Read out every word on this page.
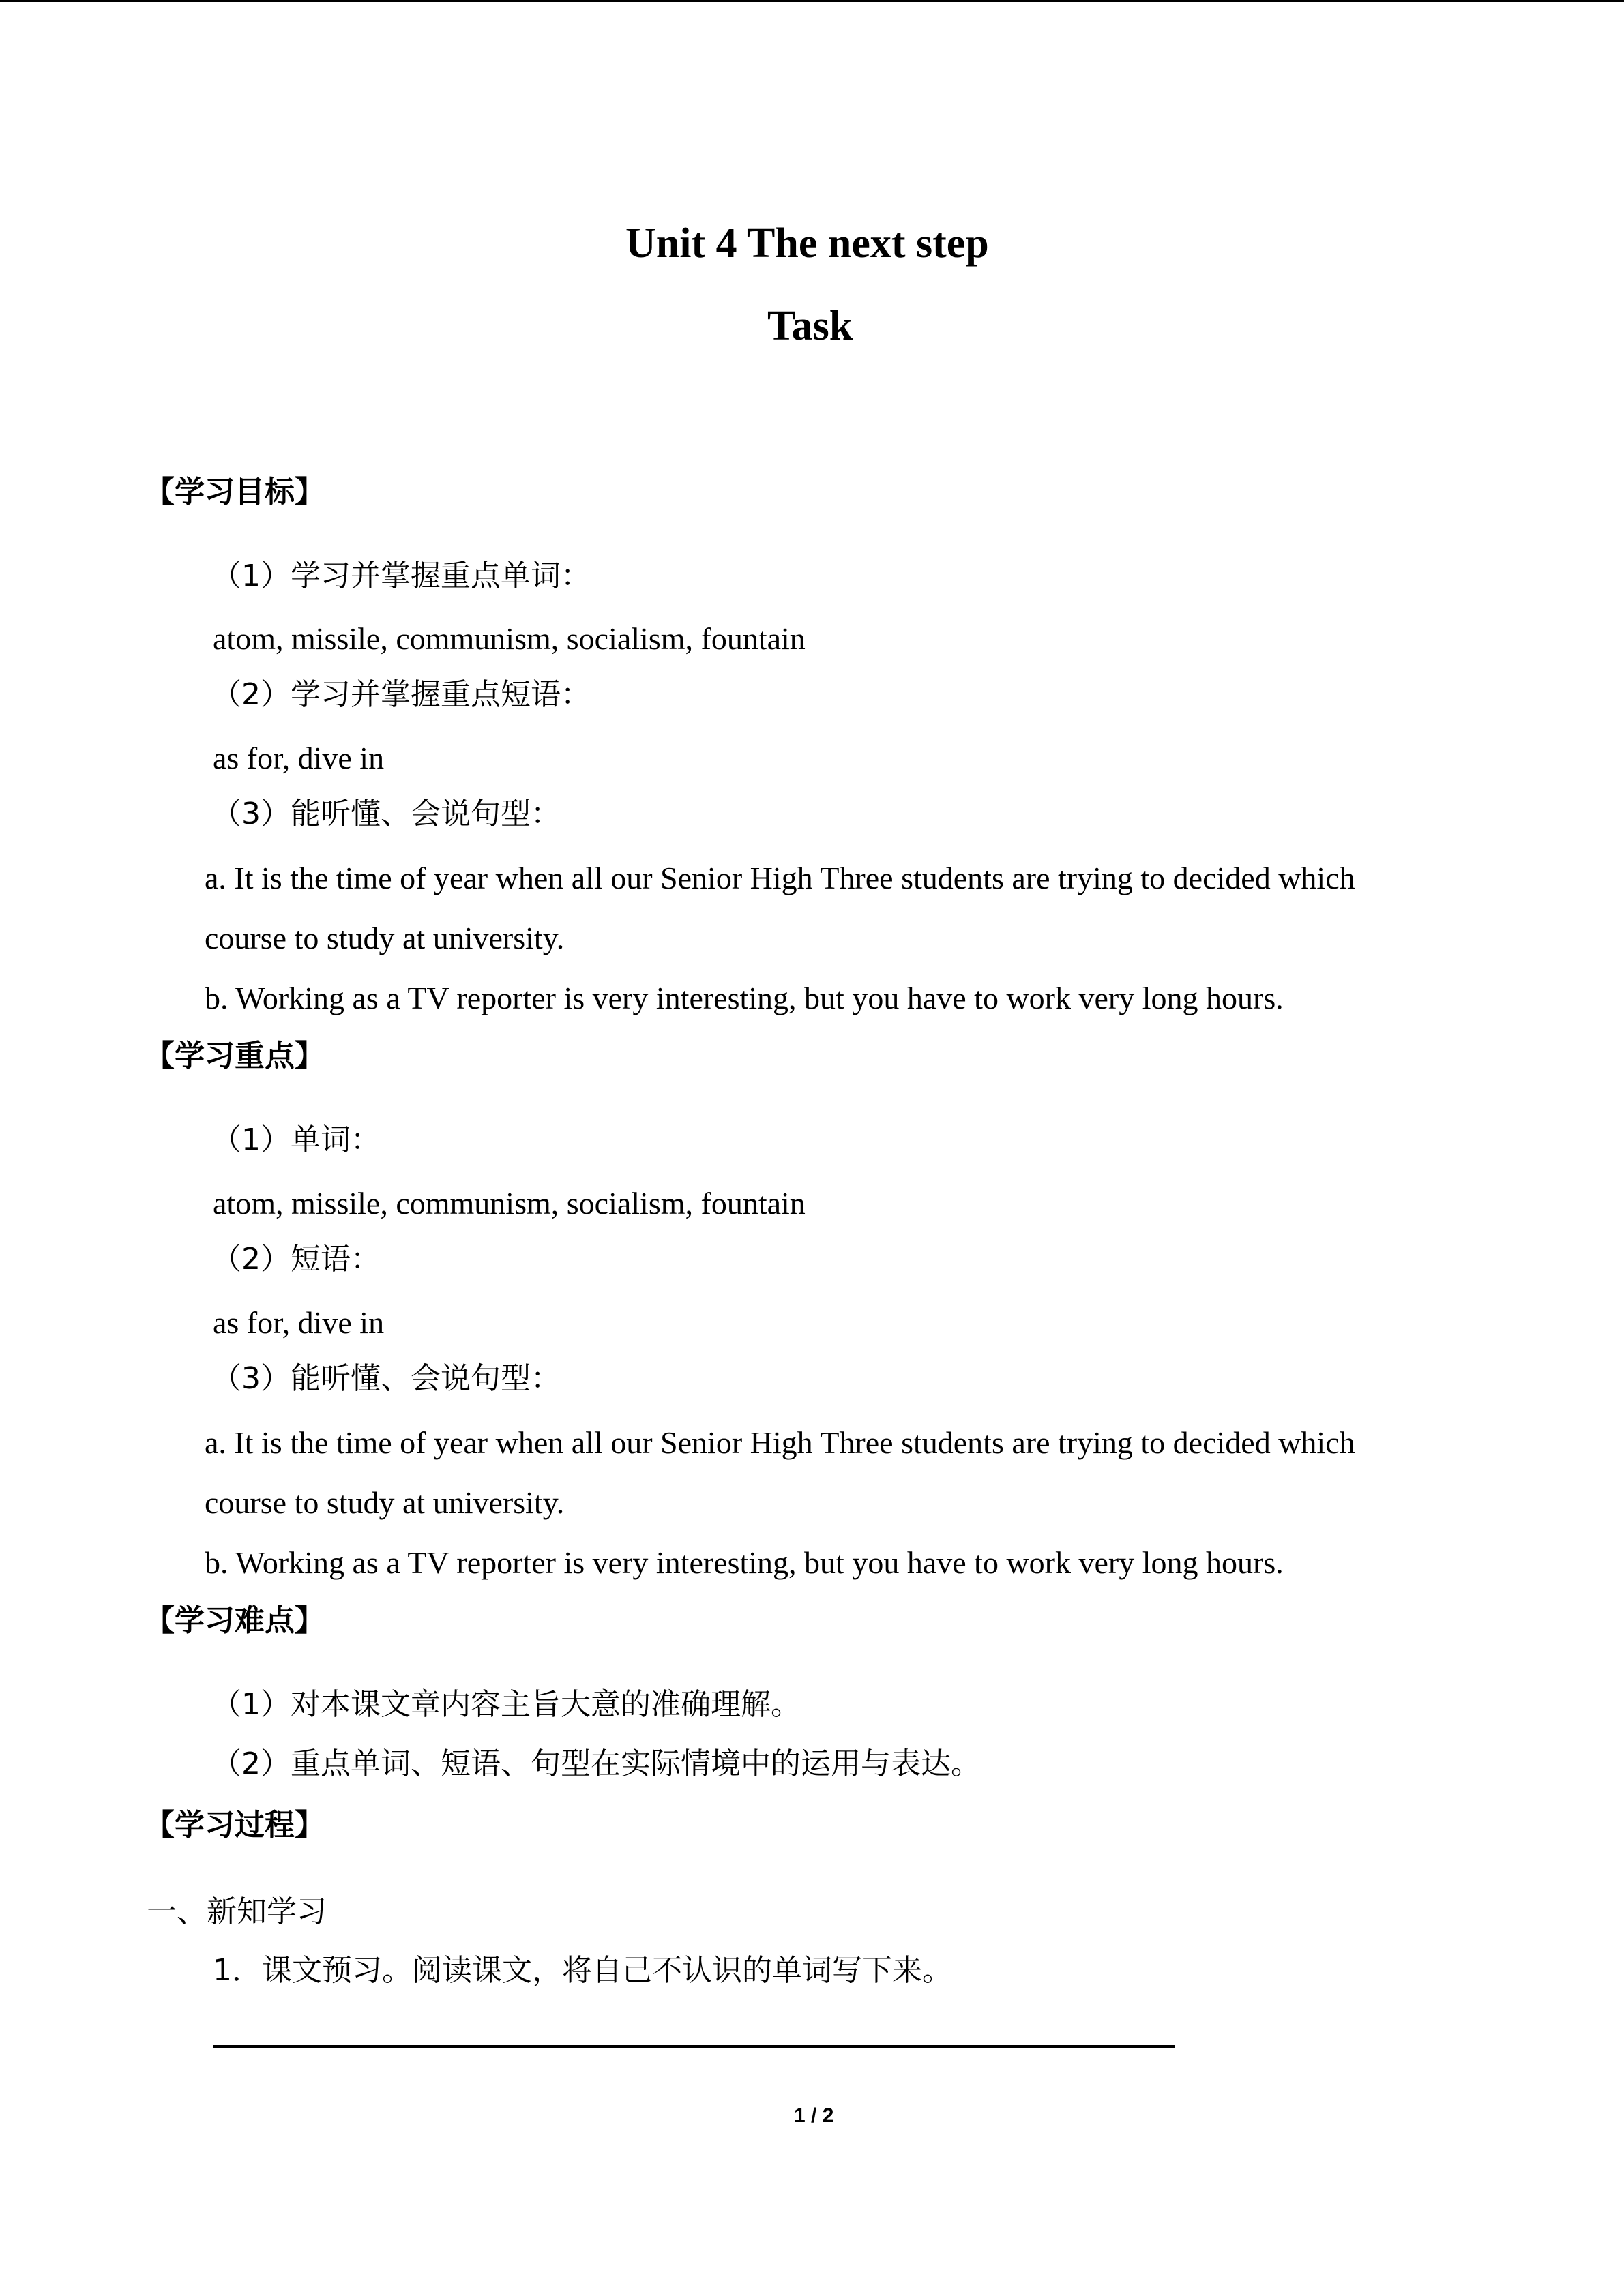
Unit 4 The next step
Task
【学习目标】
（1）学习并掌握重点单词：
atom, missile, communism, socialism, fountain
（2）学习并掌握重点短语：
as for, dive in
（3）能听懂、会说句型：
a. It is the time of year when all our Senior High Three students are trying to decided which
course to study at university.
b. Working as a TV reporter is very interesting, but you have to work very long hours.
【学习重点】
（1）单词：
atom, missile, communism, socialism, fountain
（2）短语：
as for, dive in
（3）能听懂、会说句型：
a. It is the time of year when all our Senior High Three students are trying to decided which
course to study at university.
b. Working as a TV reporter is very interesting, but you have to work very long hours.
【学习难点】
（1）对本课文章内容主旨大意的准确理解。
（2）重点单词、短语、句型在实际情境中的运用与表达。
【学习过程】
一、新知学习
1．课文预习。阅读课文，将自己不认识的单词写下来。
1 / 2
